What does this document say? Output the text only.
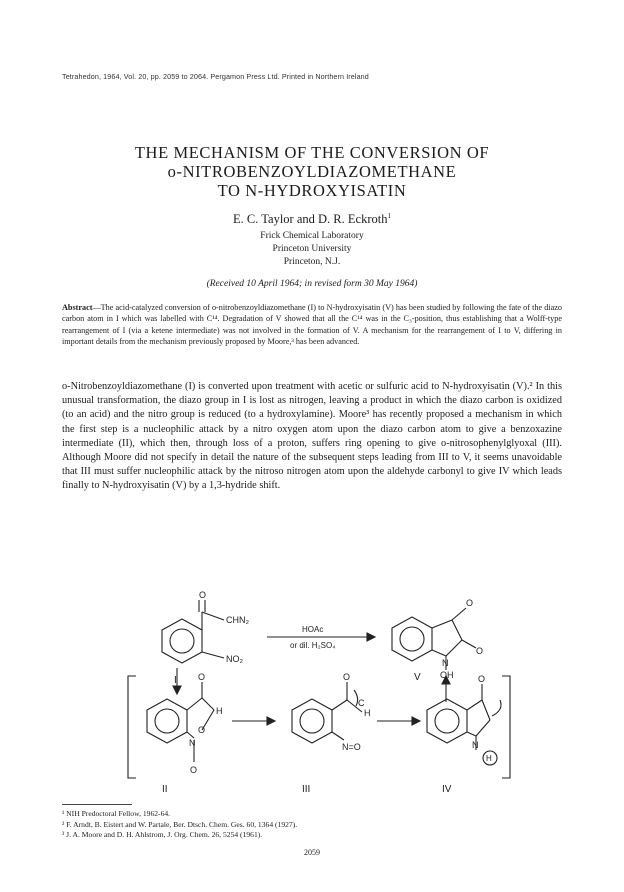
Tetrahedon, 1964, Vol. 20, pp. 2059 to 2064. Pergamon Press Ltd. Printed in Northern Ireland
THE MECHANISM OF THE CONVERSION OF
o-NITROBENZOYLDIAZOMETHANE
TO N-HYDROXYISATIN
E. C. Taylor and D. R. Eckroth$^1$
Frick Chemical Laboratory
Princeton University
Princeton, N.J.
(Received 10 April 1964; in revised form 30 May 1964)
Abstract—The acid-catalyzed conversion of o-nitrobenzoyldiazomethane (I) to N-hydroxyisatin (V) has been studied by following the fate of the diazo carbon atom in I which was labelled with C¹⁴. Degradation of V showed that all the C¹⁴ was in the C₃-position, thus establishing that a Wolff-type rearrangement of I (via a ketene intermediate) was not involved in the formation of V. A mechanism for the rearrangement of I to V, differing in important details from the mechanism previously proposed by Moore,³ has been advanced.
o-Nitrobenzoyldiazomethane (I) is converted upon treatment with acetic or sulfuric acid to N-hydroxyisatin (V).² In this unusual transformation, the diazo group in I is lost as nitrogen, leaving a product in which the diazo carbon is oxidized (to an acid) and the nitro group is reduced (to a hydroxylamine). Moore³ has recently proposed a mechanism in which the first step is a nucleophilic attack by a nitro oxygen atom upon the diazo carbon atom to give a benzoxazine intermediate (II), which then, through loss of a proton, suffers ring opening to give o-nitrosophenylglyoxal (III). Although Moore did not specify in detail the nature of the subsequent steps leading from III to V, it seems unavoidable that III must suffer nucleophilic attack by the nitroso nitrogen atom upon the aldehyde carbonyl to give IV which leads finally to N-hydroxyisatin (V) by a 1,3-hydride shift.
O
CHN₂
NO₂
I
HOAc
or dil. H₂SO₄
O
O
N
OH
V
O
H
O
N
O
II
O
C
H
N=O
III
O
N
H
IV
¹ NIH Predoctoral Fellow, 1962-64.
² F. Arndt, B. Eistert and W. Partale, Ber. Dtsch. Chem. Ges. 60, 1364 (1927).
³ J. A. Moore and D. H. Ahlstrom, J. Org. Chem. 26, 5254 (1961).
2059
